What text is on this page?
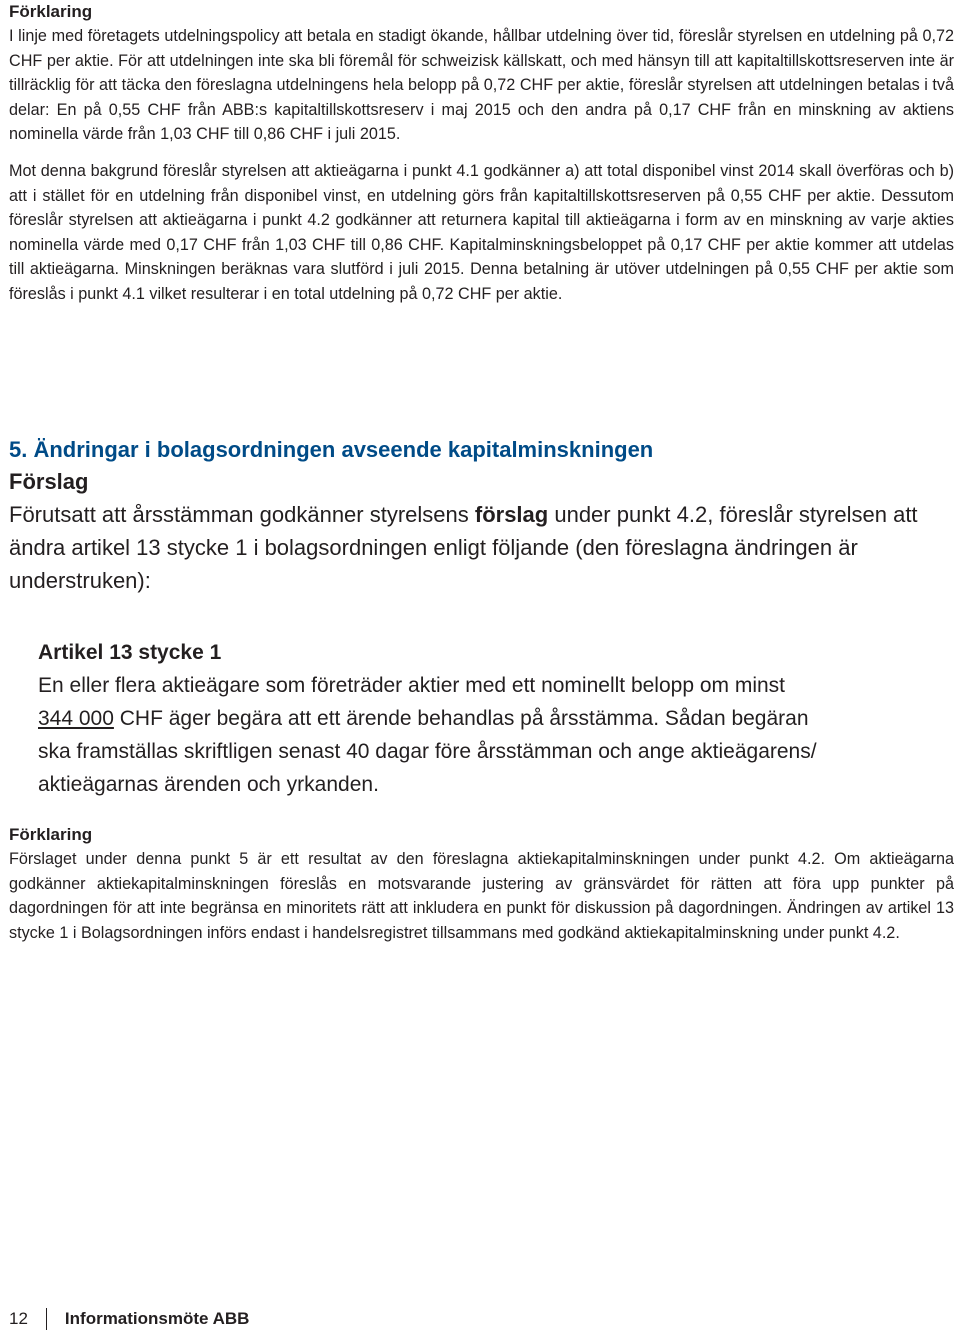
Förklaring

I linje med företagets utdelningspolicy att betala en stadigt ökande, hållbar utdelning över tid, föreslår styrelsen en utdelning på 0,72 CHF per aktie. För att utdelningen inte ska bli föremål för schweizisk källskatt, och med hänsyn till att kapitaltillskottsreserven inte är tillräcklig för att täcka den föreslagna utdelningens hela belopp på 0,72 CHF per aktie, föreslår styrelsen att utdelningen betalas i två delar: En på 0,55 CHF från ABB:s kapitaltillskottsreserv i maj 2015 och den andra på 0,17 CHF från en minskning av aktiens nominella värde från 1,03 CHF till 0,86 CHF i juli 2015.

Mot denna bakgrund föreslår styrelsen att aktieägarna i punkt 4.1 godkänner a) att total disponibel vinst 2014 skall överföras och b) att i stället för en utdelning från disponibel vinst, en utdelning görs från kapitaltillskottsreserven på 0,55 CHF per aktie. Dessutom föreslår styrelsen att aktieägarna i punkt 4.2 godkänner att returnera kapital till aktieägarna i form av en minskning av varje akties nominella värde med 0,17 CHF från 1,03 CHF till 0,86 CHF. Kapitalminskningsbeloppet på 0,17 CHF per aktie kommer att utdelas till aktieägarna. Minskningen beräknas vara slutförd i juli 2015. Denna betalning är utöver utdelningen på 0,55 CHF per aktie som föreslås i punkt 4.1 vilket resulterar i en total utdelning på 0,72 CHF per aktie.

5. Ändringar i bolagsordningen avseende kapitalminskningen

Förslag

Förutsatt att årsstämman godkänner styrelsens förslag under punkt 4.2, föreslår styrelsen att ändra artikel 13 stycke 1 i bolagsordningen enligt följande (den föreslagna ändringen är understruken):

Artikel 13 stycke 1

En eller flera aktieägare som företräder aktier med ett nominellt belopp om minst

344 000 CHF äger begära att ett ärende behandlas på årsstämma. Sådan begäran

ska framställas skriftligen senast 40 dagar före årsstämman och ange aktieägarens/

aktieägarnas ärenden och yrkanden.

Förklaring

Förslaget under denna punkt 5 är ett resultat av den föreslagna aktiekapitalminskningen under punkt 4.2. Om aktieägarna godkänner aktiekapitalminskningen föreslås en motsvarande justering av gränsvärdet för rätten att föra upp punkter på dagordningen för att inte begränsa en minoritets rätt att inkludera en punkt för diskussion på dagordningen. Ändringen av artikel 13 stycke 1 i Bolagsordningen införs endast i handelsregistret tillsammans med godkänd aktiekapitalminskning under punkt 4.2.

12 Informationsmöte ABB
